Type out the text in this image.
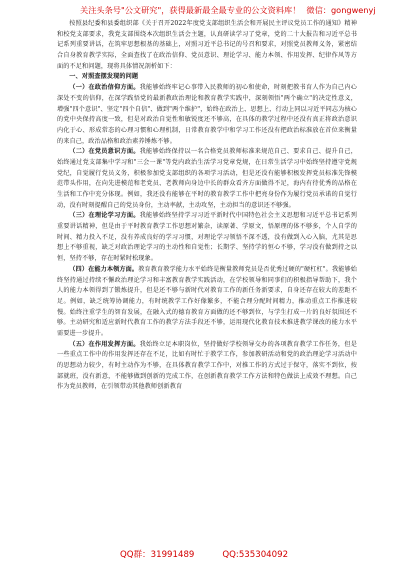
关注头条号"公文研究"，获得最新最全最专业的公文资料库！ 微信：gongwenyj

按照县纪委和县委组织部《关于召开2022年度党支部组织生活会和开展民主评议党员工作的通知》精神和校党支部要求，我党支部围绕本次组织生活会主题，认真研读学习了党章，党的二十大报告和习近平总书记系列重要讲话，在筑牢思想根基的基础上，对照习近平总书记的号召和要求，对照党员教师义务，紧密结合自身教育教学实际，全面查找了在政治信仰、党员意识、理论学习、能力本领、作用发挥、纪律作风等方面的不足和问题，现将具体情况剖析如下：

一、对照查摆发现的问题

（一）在政治信仰方面。我能够始终牢记心事带入民教师的初心和使命，时刻把教书育人作为自己内心深处不变的信仰，在深学践悟党的最新教政治理论和教育教学实践中，深刻领悟"两个确立"的决定性意义，增强"四个意识"、坚定"四个自信"、做到"两个维护"，始终在政治上、思想上、行动上同以习近平同志为核心的党中央保持高度一致，但是对政治自觉性和敏锐度还不够高，在具体的教学过程中还没有真正将政治意识内化于心、形成常态的心理习惯和心理机制，日常教育教学中和学习工作还没有把政治标准放在首位来衡量的来自己，政治品格和政治素养锤炼不够。

（二）在党员意识方面。我能够始终保持以一名合格党员教师标准来规范自己、要求自己、提升自己，始终通过党支部集中学习和"三会一课"等党内政治生活学习党章党规，在日常生活学习中始终坚持遵守党规党纪，自觉履行党员义务，积极参加党支部组织的各项学习活动，但是还没有能够积极发挥党员标准先锋模范带头作用，在向先进模范和老党员、老教师向身边中长的群众看齐方面做得不足，海内有待优秀的品格在生活和工作中充分体现。例如，我还没有能够在平时的教育教学工作中把亮身份作为履行党员承诺的自觉行动，没有时刻提醒自己的党员身份，主动率献，主动攻坚，主动担当的意识还不够强。

（三）在理论学习方面。我能够始终坚持学习习近平新时代中国特色社会主义思想和习近平总书记系列重要讲话精神，但是由于平时教育教学工作思想对繁杂，读原著、学原文，悟原理的体不够多，个人自学的时间、精力投入不足，没有养成良好的学习习惯，对理论学习领悟不深不透，没有做到入心入脑，尤其是思想上不够重视，缺乏对政治理论学习的主动性和自觉性；长期学、坚持学的恒心不够，学习没有做到持之以恒，坚持不够，存在时紧时松现象。

（四）在能力本领方面。教育教育教学能力水平始终是衡量教师党员是否优秀过硬的"硬杠杠"。我能够始终坚持通过持续不懈政治理论学习和丰富教育教学实践活动，在学校领导和同事们的积极指导帮助下，我个人的能力本领得到了锻炼提升，但是还不够与新时代对教育工作的新任务新要求，自身还存在较大的差距不足。例如，缺乏统筹协调能力，有时统教学工作好像繁多，不能合理分配时间精力，推动重点工作推进较慢。始终注重学生的智育发展，在融入式的德育教育方面做的还不够到位，与学生打成一片的良好氛围还不够。主动研究和适应新时代教育工作的教学方法手段还不够，运用现代化教育技术推进教学课改的能力水平需要进一步提升。

（五）在作用发挥方面。我始终立足本职岗位，坚持做好学校领导交办的各项教育教学工作任务，但是一些重点工作中的作用发挥还存在不足，比如有时忙于教学工作，参加教研活动和党的政治理论学习活动中的思想动力较少，有时主动作为不够，在具体教育教学工作中，对推工作的方式过于保守，落实不到位，按部就班，没有新意，不能够做到创新的完成工作，在创新教育教学工作方法和特色做法上成效不理想。自己作为党员教师，在引领带动其他教师创新教育

QQ群：31991489	QQ:535304092
